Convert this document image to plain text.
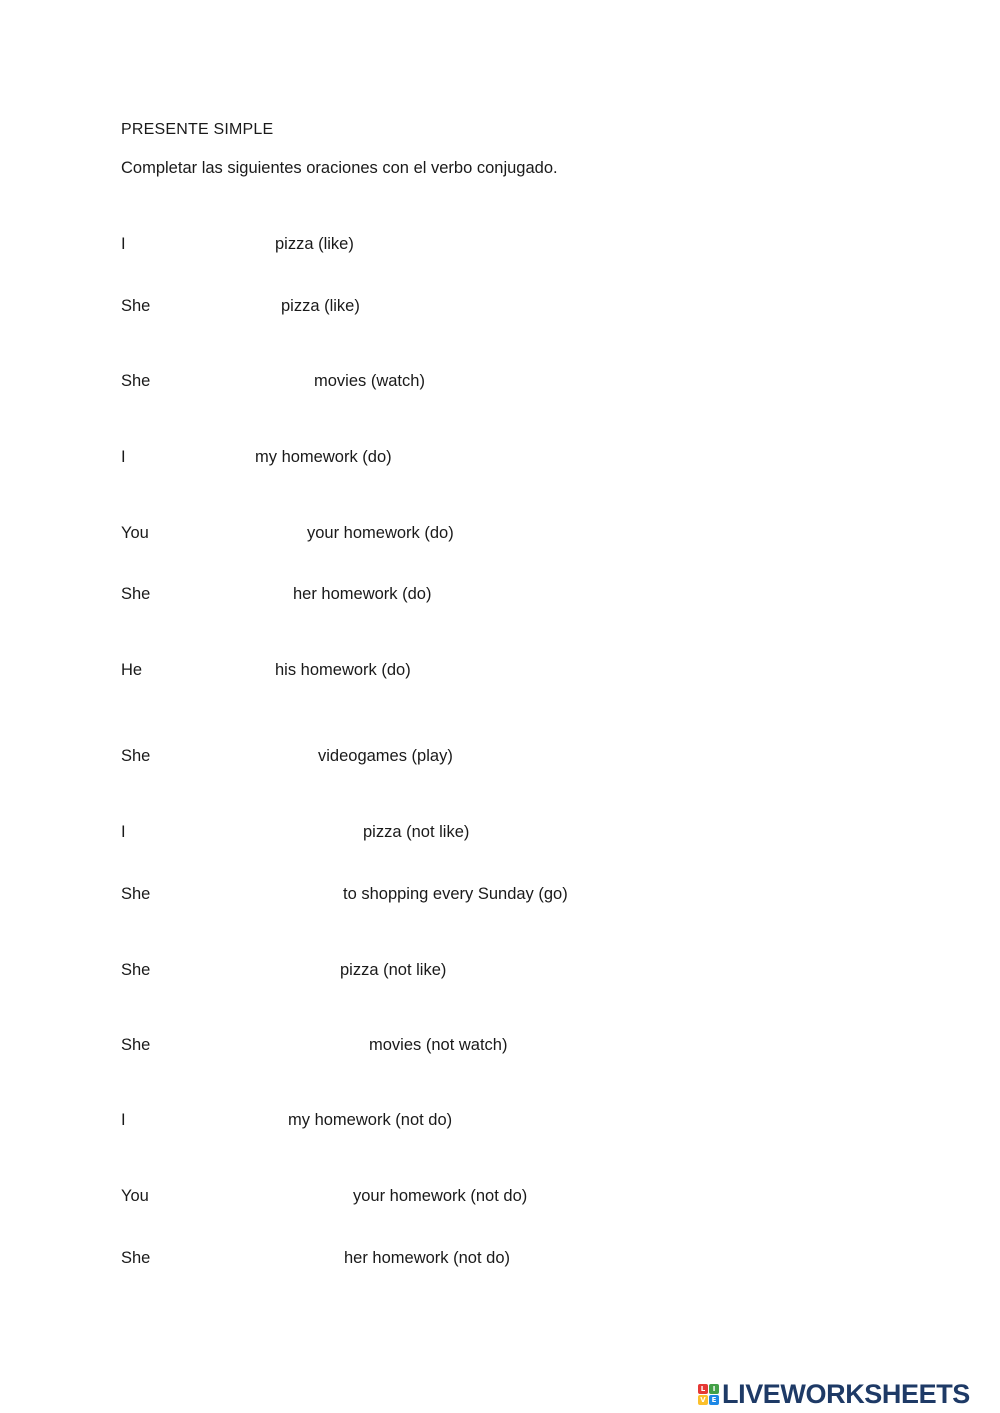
PRESENTE SIMPLE
Completar las siguientes oraciones con el verbo conjugado.
I	pizza (like)
She	pizza (like)
She	movies (watch)
I	my homework (do)
You	your homework (do)
She	her homework (do)
He	his homework (do)
She	videogames (play)
I	pizza (not like)
She	to shopping every Sunday (go)
She	pizza (not like)
She	movies (not watch)
I	my homework (not do)
You	your homework (not do)
She	her homework (not do)
L	I
V E LIVEWORKSHEETS
